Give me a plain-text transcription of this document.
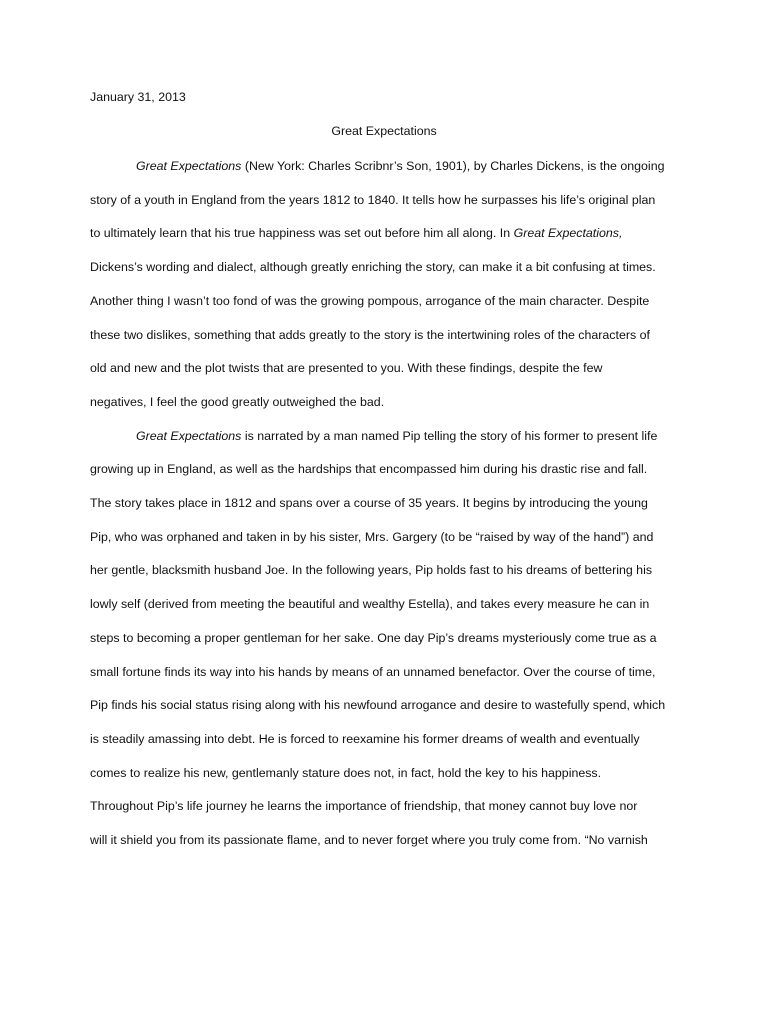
January 31, 2013
Great Expectations
Great Expectations (New York: Charles Scribnr’s Son, 1901), by Charles Dickens, is the ongoing
story of a youth in England from the years 1812 to 1840. It tells how he surpasses his life’s original plan
to ultimately learn that his true happiness was set out before him all along. In Great Expectations,
Dickens’s wording and dialect, although greatly enriching the story, can make it a bit confusing at times.
Another thing I wasn’t too fond of was the growing pompous, arrogance of the main character. Despite
these two dislikes, something that adds greatly to the story is the intertwining roles of the characters of
old and new and the plot twists that are presented to you. With these findings, despite the few
negatives, I feel the good greatly outweighed the bad.
Great Expectations is narrated by a man named Pip telling the story of his former to present life
growing up in England, as well as the hardships that encompassed him during his drastic rise and fall.
The story takes place in 1812 and spans over a course of 35 years. It begins by introducing the young
Pip, who was orphaned and taken in by his sister, Mrs. Gargery (to be “raised by way of the hand”) and
her gentle, blacksmith husband Joe. In the following years, Pip holds fast to his dreams of bettering his
lowly self (derived from meeting the beautiful and wealthy Estella), and takes every measure he can in
steps to becoming a proper gentleman for her sake. One day Pip’s dreams mysteriously come true as a
small fortune finds its way into his hands by means of an unnamed benefactor. Over the course of time,
Pip finds his social status rising along with his newfound arrogance and desire to wastefully spend, which
is steadily amassing into debt. He is forced to reexamine his former dreams of wealth and eventually
comes to realize his new, gentlemanly stature does not, in fact, hold the key to his happiness.
Throughout Pip’s life journey he learns the importance of friendship, that money cannot buy love nor
will it shield you from its passionate flame, and to never forget where you truly come from. “No varnish
